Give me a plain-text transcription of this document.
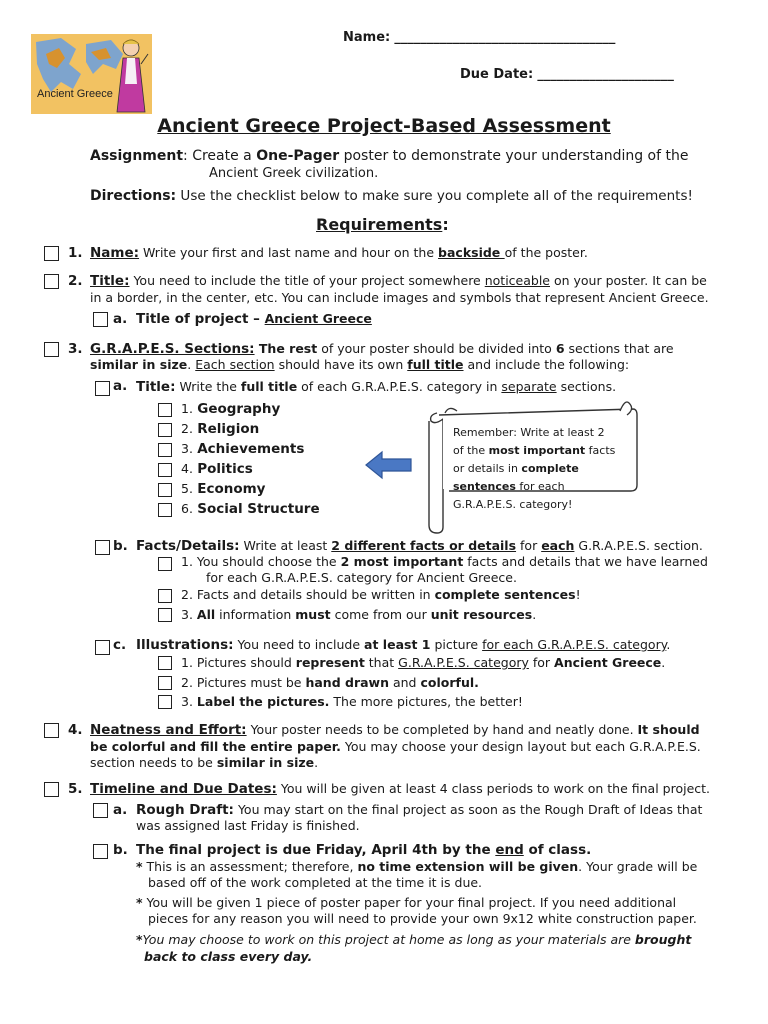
Ancient Greece
Name: __________________________________
Due Date: _____________________
Ancient Greece Project-Based Assessment
Assignment: Create a One-Pager poster to demonstrate your understanding of the
Ancient Greek civilization.
Directions: Use the checklist below to make sure you complete all of the requirements!
Requirements:
1. Name: Write your first and last name and hour on the backside of the poster.
2. Title: You need to include the title of your project somewhere noticeable on your poster. It can be
in a border, in the center, etc. You can include images and symbols that represent Ancient Greece.
a. Title of project – Ancient Greece
3. G.R.A.P.E.S. Sections: The rest of your poster should be divided into 6 sections that are
similar in size. Each section should have its own full title and include the following:
a. Title: Write the full title of each G.R.A.P.E.S. category in separate sections.
1. Geography
2. Religion
3. Achievements
4. Politics
5. Economy
6. Social Structure
Remember: Write at least 2
of the most important facts
or details in complete
sentences for each
G.R.A.P.E.S. category!
b. Facts/Details: Write at least 2 different facts or details for each G.R.A.P.E.S. section.
1. You should choose the 2 most important facts and details that we have learned
for each G.R.A.P.E.S. category for Ancient Greece.
2. Facts and details should be written in complete sentences!
3. All information must come from our unit resources.
c. Illustrations: You need to include at least 1 picture for each G.R.A.P.E.S. category.
1. Pictures should represent that G.R.A.P.E.S. category for Ancient Greece.
2. Pictures must be hand drawn and colorful.
3. Label the pictures. The more pictures, the better!
4. Neatness and Effort: Your poster needs to be completed by hand and neatly done. It should
be colorful and fill the entire paper. You may choose your design layout but each G.R.A.P.E.S.
section needs to be similar in size.
5. Timeline and Due Dates: You will be given at least 4 class periods to work on the final project.
a. Rough Draft: You may start on the final project as soon as the Rough Draft of Ideas that
was assigned last Friday is finished.
b. The final project is due Friday, April 4th by the end of class.
* This is an assessment; therefore, no time extension will be given. Your grade will be
based off of the work completed at the time it is due.
* You will be given 1 piece of poster paper for your final project. If you need additional
pieces for any reason you will need to provide your own 9x12 white construction paper.
*You may choose to work on this project at home as long as your materials are brought
back to class every day.
